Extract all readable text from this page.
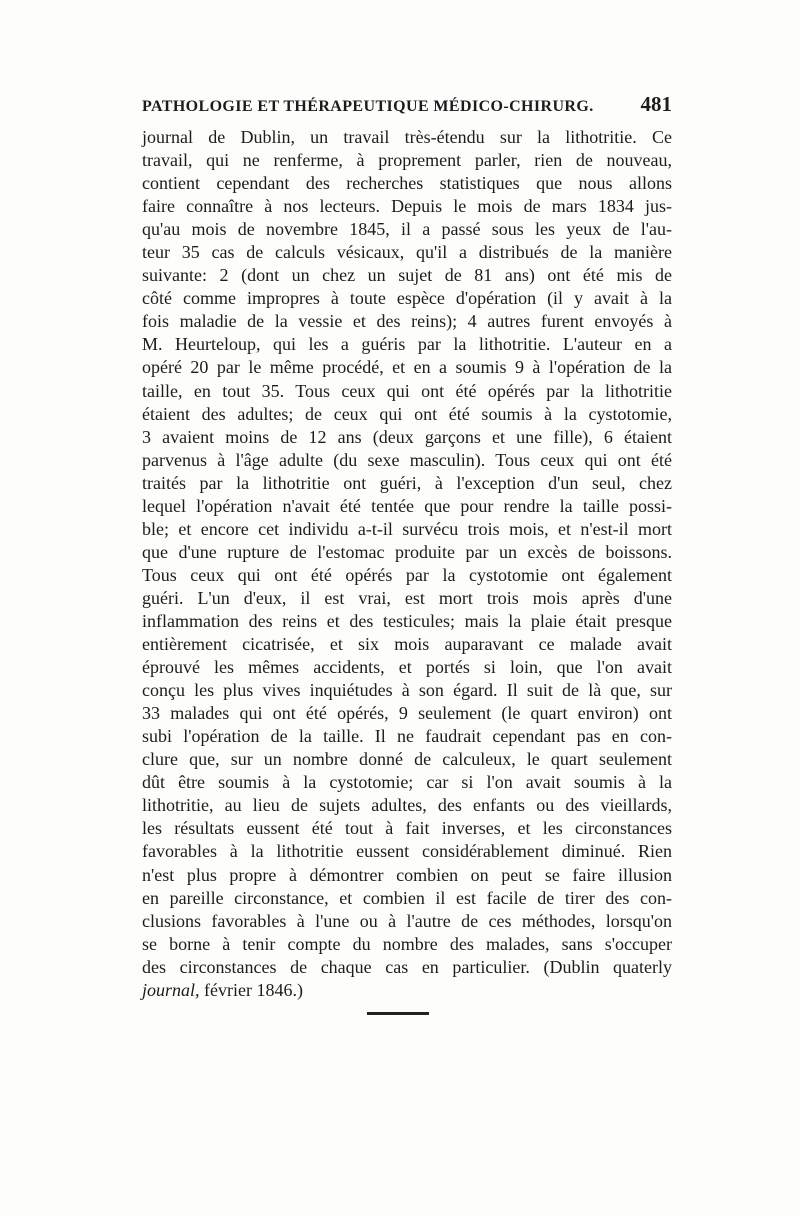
PATHOLOGIE ET THÉRAPEUTIQUE MÉDICO-CHIRURG. 481
journal de Dublin, un travail très-étendu sur la lithotritie. Ce
travail, qui ne renferme, à proprement parler, rien de nouveau,
contient cependant des recherches statistiques que nous allons
faire connaître à nos lecteurs. Depuis le mois de mars 1834 jus-
qu'au mois de novembre 1845, il a passé sous les yeux de l'au-
teur 35 cas de calculs vésicaux, qu'il a distribués de la manière
suivante: 2 (dont un chez un sujet de 81 ans) ont été mis de
côté comme impropres à toute espèce d'opération (il y avait à la
fois maladie de la vessie et des reins); 4 autres furent envoyés à
M. Heurteloup, qui les a guéris par la lithotritie. L'auteur en a
opéré 20 par le même procédé, et en a soumis 9 à l'opération de la
taille, en tout 35. Tous ceux qui ont été opérés par la lithotritie
étaient des adultes; de ceux qui ont été soumis à la cystotomie,
3 avaient moins de 12 ans (deux garçons et une fille), 6 étaient
parvenus à l'âge adulte (du sexe masculin). Tous ceux qui ont été
traités par la lithotritie ont guéri, à l'exception d'un seul, chez
lequel l'opération n'avait été tentée que pour rendre la taille possi-
ble; et encore cet individu a-t-il survécu trois mois, et n'est-il mort
que d'une rupture de l'estomac produite par un excès de boissons.
Tous ceux qui ont été opérés par la cystotomie ont également
guéri. L'un d'eux, il est vrai, est mort trois mois après d'une
inflammation des reins et des testicules; mais la plaie était presque
entièrement cicatrisée, et six mois auparavant ce malade avait
éprouvé les mêmes accidents, et portés si loin, que l'on avait
conçu les plus vives inquiétudes à son égard. Il suit de là que, sur
33 malades qui ont été opérés, 9 seulement (le quart environ) ont
subi l'opération de la taille. Il ne faudrait cependant pas en con-
clure que, sur un nombre donné de calculeux, le quart seulement
dût être soumis à la cystotomie; car si l'on avait soumis à la
lithotritie, au lieu de sujets adultes, des enfants ou des vieillards,
les résultats eussent été tout à fait inverses, et les circonstances
favorables à la lithotritie eussent considérablement diminué. Rien
n'est plus propre à démontrer combien on peut se faire illusion
en pareille circonstance, et combien il est facile de tirer des con-
clusions favorables à l'une ou à l'autre de ces méthodes, lorsqu'on
se borne à tenir compte du nombre des malades, sans s'occuper
des circonstances de chaque cas en particulier. (Dublin quaterly
journal, février 1846.)
